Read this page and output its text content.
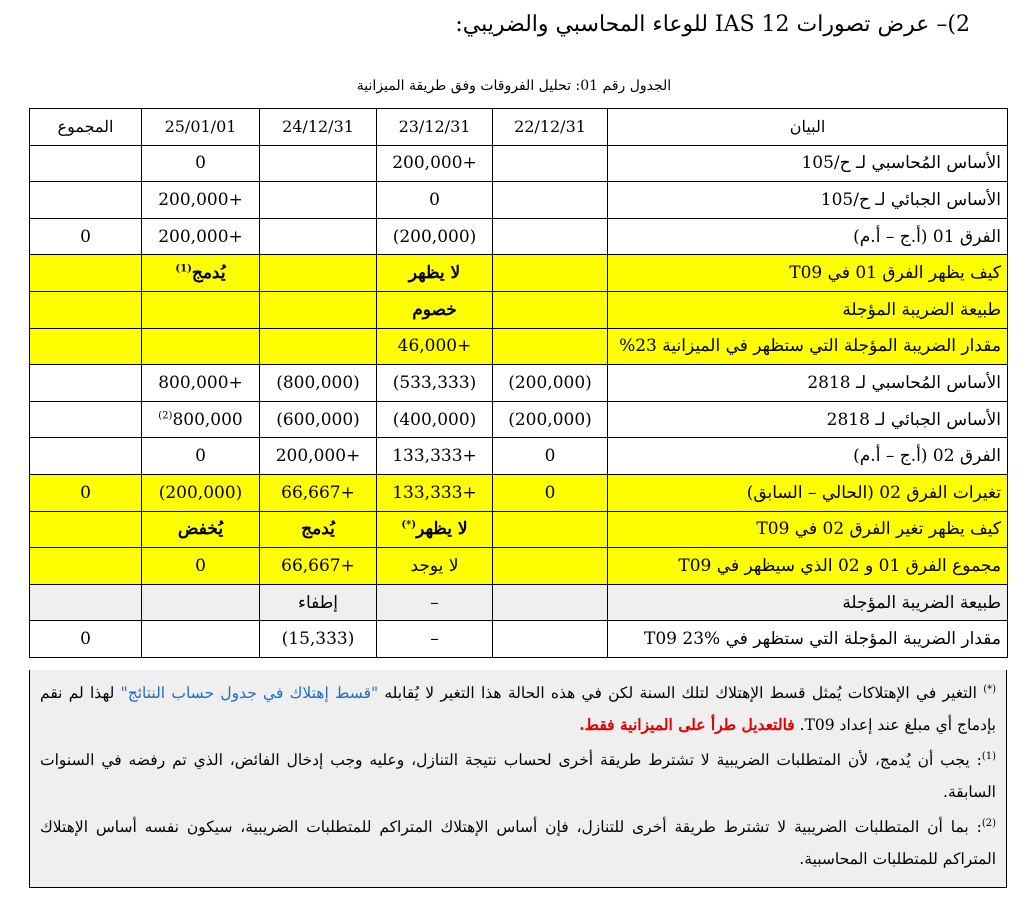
2)– عرض تصورات IAS 12 للوعاء المحاسبي والضريبي:
الجدول رقم 01: تحليل الفروقات وفق طريقة الميزانية
البيان	22/12/31	23/12/31	24/12/31	25/01/01	المجموع
الأساس المُحاسبي لـ ح/105		+200,000		0	
الأساس الجبائي لـ ح/105		0		+200,000	
الفرق 01 (أ.ج – أ.م)		(200,000)		+200,000	0
كيف يظهر الفرق 01 في T09		لا يظهر		يُدمج$^{(1)}$	
طبيعة الضريبة المؤجلة		خصوم			
مقدار الضريبة المؤجلة التي ستظهر في الميزانية 23%		+46,000			
الأساس المُحاسبي لـ 2818	(200,000)	(533,333)	(800,000)	+800,000	
الأساس الجبائي لـ 2818	(200,000)	(400,000)	(600,000)	800,000$^{(2)}$	
الفرق 02 (أ.ج – أ.م)	0	+133,333	+200,000	0	
تغيرات الفرق 02 (الحالي – السابق)	0	+133,333	+66,667	(200,000)	0
كيف يظهر تغير الفرق 02 في T09		لا يظهر(*)	يُدمج	يُخفض	
مجموع الفرق 01 و 02 الذي سيظهر في T09		لا يوجد	+66,667	0	
طبيعة الضريبة المؤجلة		–	إطفاء		
مقدار الضريبة المؤجلة التي ستظهر في T09 23%		–	(15,333)		0

(*) التغير في الإهتلاكات يُمثل قسط الإهتلاك لتلك السنة لكن في هذه الحالة هذا التغير لا يُقابله "قسط إهتلاك في جدول حساب النتائج" لهذا لم نقم بإدماج أي مبلغ عند إعداد T09. فالتعديل طرأ على الميزانية فقط.

$^{(1)}$: يجب أن يُدمج، لأن المتطلبات الضريبية لا تشترط طريقة أخرى لحساب نتيجة التنازل، وعليه وجب إدخال الفائض، الذي تم رفضه في السنوات السابقة.

$^{(2)}$: بما أن المتطلبات الضريبية لا تشترط طريقة أخرى للتنازل، فإن أساس الإهتلاك المتراكم للمتطلبات الضريبية، سيكون نفسه أساس الإهتلاك المتراكم للمتطلبات المحاسبية.
